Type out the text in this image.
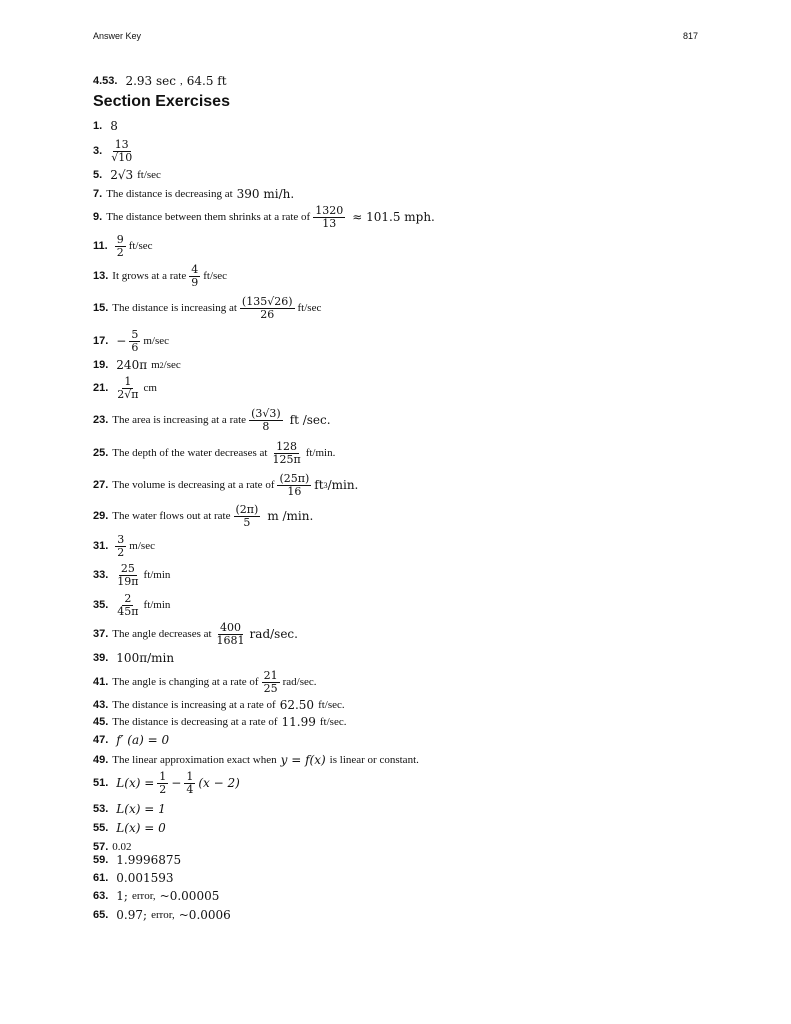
Answer Key	817
4.53. 2.93 sec , 64.5 ft
Section Exercises
1. 8
3. $\frac{13}{√10}$
5. 2√3 ft/sec
7. The distance is decreasing at 390 mi/h.
9. The distance between them shrinks at a rate of $\frac{1320}{13} \approx 101.5$ mph.
11. $\frac{9}{2} ft/\sec$
13. It grows at a rate $\frac{4}{9} ft/\sec$
15. The distance is increasing at $\frac{(135√26)}{26} ft/\sec$
17. − $\frac{5}{6} m/\sec$
19. 240π m 2 /sec
21. $\frac{1}{2√\pi}$ cm
23. The area is increasing at a rate $\frac{(3√3)}{8}$ ft /sec.
25. The depth of the water decreases at $\frac{128}{125\pi} ft/\min$.
27. The volume is decreasing at a rate of $\frac{(25\pi)}{16}$ ft 3 /min.
29. The water flows out at rate $\frac{(2\pi)}{5}$ m /min.
31. $\frac{3}{2} m/\sec$
33. $\frac{25}{19\pi} ft/\min$
35. $\frac{2}{45\pi} ft/\min$
37. The angle decreases at $\frac{400}{1681} rad/\sec$.
39. 100π/min
41. The angle is changing at a rate of $\frac{21}{25} rad/\sec$.
43. The distance is increasing at a rate of 62.50 ft/sec.
45. The distance is decreasing at a rate of 11.99 ft/sec.
47. f′ (a) = 0
49. The linear approximation exact when y = f(x) is linear or constant.
51. $L(x) = \frac{1}{2} - \frac{1}{4} (x - 2)$
53. L(x) = 1
55. L(x) = 0
57. 0.02
59. 1.9996875
61. 0.001593
63. 1; error, ~0.00005
65. 0.97; error, ~0.0006
